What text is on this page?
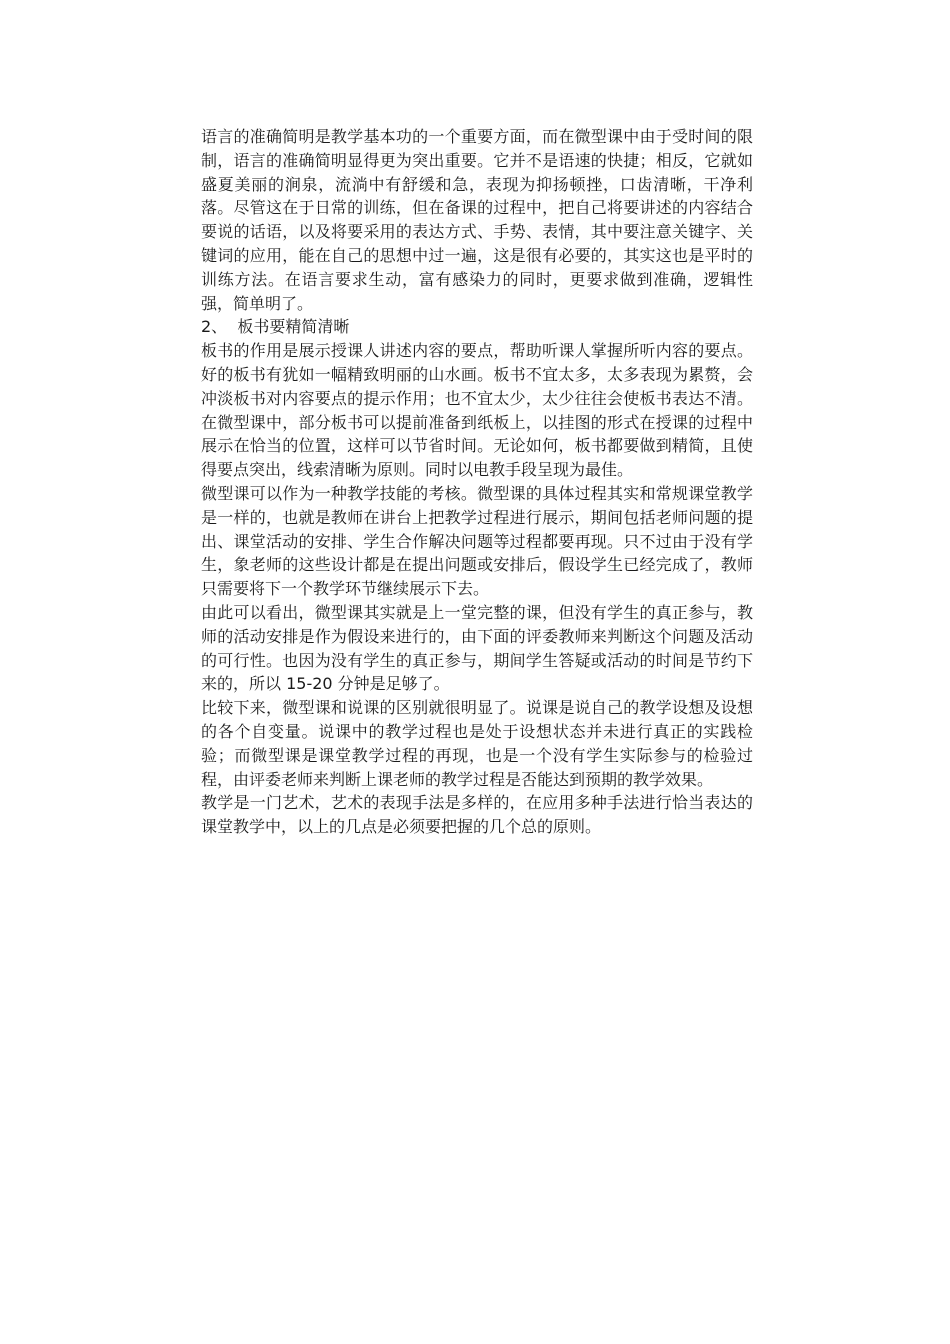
语言的准确简明是教学基本功的一个重要方面，而在微型课中由于受时间的限制，语言的准确简明显得更为突出重要。它并不是语速的快捷；相反，它就如盛夏美丽的涧泉，流淌中有舒缓和急，表现为抑扬顿挫，口齿清晰，干净利落。尽管这在于日常的训练，但在备课的过程中，把自己将要讲述的内容结合要说的话语，以及将要采用的表达方式、手势、表情，其中要注意关键字、关键词的应用，能在自己的思想中过一遍，这是很有必要的，其实这也是平时的训练方法。在语言要求生动，富有感染力的同时，更要求做到准确，逻辑性强，简单明了。

2、  板书要精简清晰

板书的作用是展示授课人讲述内容的要点，帮助听课人掌握所听内容的要点。好的板书有犹如一幅精致明丽的山水画。板书不宜太多，太多表现为累赘，会冲淡板书对内容要点的提示作用；也不宜太少，太少往往会使板书表达不清。在微型课中，部分板书可以提前准备到纸板上，以挂图的形式在授课的过程中展示在恰当的位置，这样可以节省时间。无论如何，板书都要做到精简，且使得要点突出，线索清晰为原则。同时以电教手段呈现为最佳。

微型课可以作为一种教学技能的考核。微型课的具体过程其实和常规课堂教学是一样的，也就是教师在讲台上把教学过程进行展示，期间包括老师问题的提出、课堂活动的安排、学生合作解决问题等过程都要再现。只不过由于没有学生，象老师的这些设计都是在提出问题或安排后，假设学生已经完成了，教师只需要将下一个教学环节继续展示下去。

由此可以看出，微型课其实就是上一堂完整的课，但没有学生的真正参与，教师的活动安排是作为假设来进行的，由下面的评委教师来判断这个问题及活动的可行性。也因为没有学生的真正参与，期间学生答疑或活动的时间是节约下来的，所以 15-20 分钟是足够了。

比较下来，微型课和说课的区别就很明显了。说课是说自己的教学设想及设想的各个自变量。说课中的教学过程也是处于设想状态并未进行真正的实践检验；而微型课是课堂教学过程的再现，也是一个没有学生实际参与的检验过程，由评委老师来判断上课老师的教学过程是否能达到预期的教学效果。

教学是一门艺术，艺术的表现手法是多样的，在应用多种手法进行恰当表达的课堂教学中，以上的几点是必须要把握的几个总的原则。
